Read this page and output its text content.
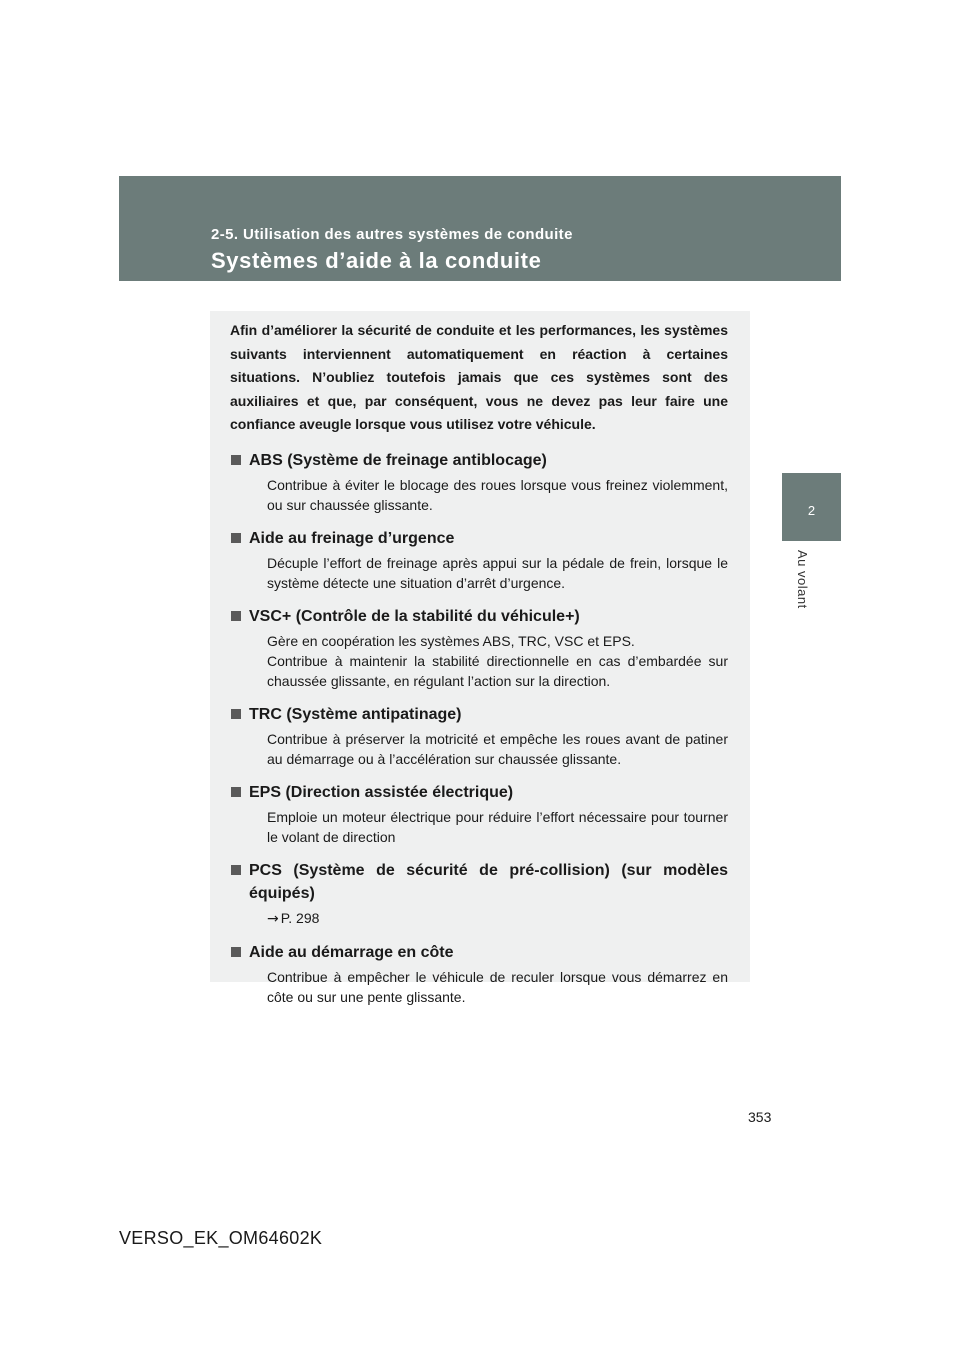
2-5. Utilisation des autres systèmes de conduite
Systèmes d’aide à la conduite
2
Au volant

Afin d’améliorer la sécurité de conduite et les performances, les systèmes suivants interviennent automatiquement en réaction à certaines situations. N’oubliez toutefois jamais que ces systèmes sont des auxiliaires et que, par conséquent, vous ne devez pas leur faire une confiance aveugle lorsque vous utilisez votre véhicule.

ABS (Système de freinage antiblocage)
Contribue à éviter le blocage des roues lorsque vous freinez violemment, ou sur chaussée glissante.
Aide au freinage d’urgence
Décuple l’effort de freinage après appui sur la pédale de frein, lorsque le système détecte une situation d’arrêt d’urgence.
VSC+ (Contrôle de la stabilité du véhicule+)
Gère en coopération les systèmes ABS, TRC, VSC et EPS.
Contribue à maintenir la stabilité directionnelle en cas d’embardée sur chaussée glissante, en régulant l’action sur la direction.
TRC (Système antipatinage)
Contribue à préserver la motricité et empêche les roues avant de patiner au démarrage ou à l’accélération sur chaussée glissante.
EPS (Direction assistée électrique)
Emploie un moteur électrique pour réduire l’effort nécessaire pour tourner le volant de direction
PCS (Système de sécurité de pré-collision) (sur modèles équipés)
→ P. 298
Aide au démarrage en côte
Contribue à empêcher le véhicule de reculer lorsque vous démarrez en côte ou sur une pente glissante.
353
VERSO_EK_OM64602K
